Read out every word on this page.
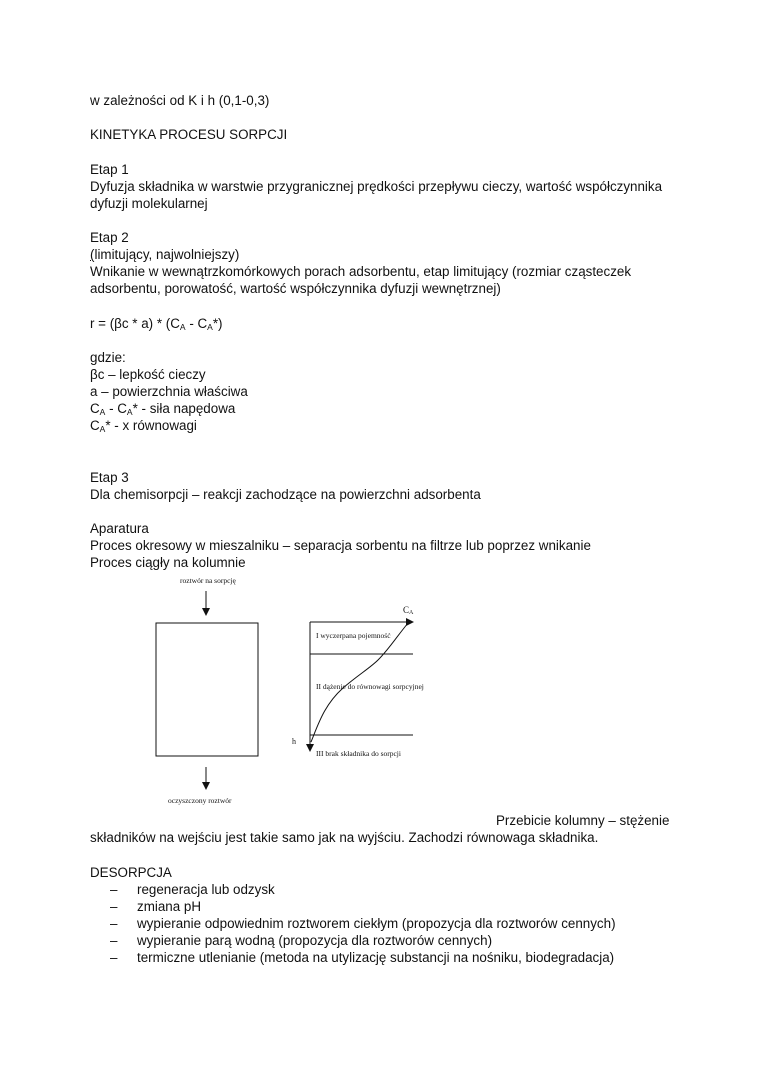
w zależności od K i h (0,1-0,3)
KINETYKA PROCESU SORPCJI
Etap 1
Dyfuzja składnika w warstwie przygranicznej prędkości przepływu cieczy, wartość współczynnika
dyfuzji molekularnej
Etap 2
(limitujący, najwolniejszy)
Wnikanie w wewnątrzkomórkowych porach adsorbentu, etap limitujący (rozmiar cząsteczek
adsorbentu, porowatość, wartość współczynnika dyfuzji wewnętrznej)
$r = (\beta c * a) * (C_A - C_A*)$
gdzie:
βc – lepkość cieczy
a – powierzchnia właściwa
$C_A - C_A*$ - siła napędowa
$C_A*$ - x równowagi
Etap 3
Dla chemisorpcji – reakcji zachodzące na powierzchni adsorbenta
Aparatura
Proces okresowy w mieszalniku – separacja sorbentu na filtrze lub poprzez wnikanie
Proces ciągły na kolumnie
roztwór na sorpcję
oczyszczony roztwór
CA
h
I wyczerpana pojemność
II dążenie do równowagi sorpcyjnej
III brak składnika do sorpcji
Przebicie kolumny – stężenie
składników na wejściu jest takie samo jak na wyjściu. Zachodzi równowaga składnika.
DESORPCJA
– regeneracja lub odzysk
– zmiana pH
– wypieranie odpowiednim roztworem ciekłym (propozycja dla roztworów cennych)
– wypieranie parą wodną (propozycja dla roztworów cennych)
– termiczne utlenianie (metoda na utylizację substancji na nośniku, biodegradacja)
